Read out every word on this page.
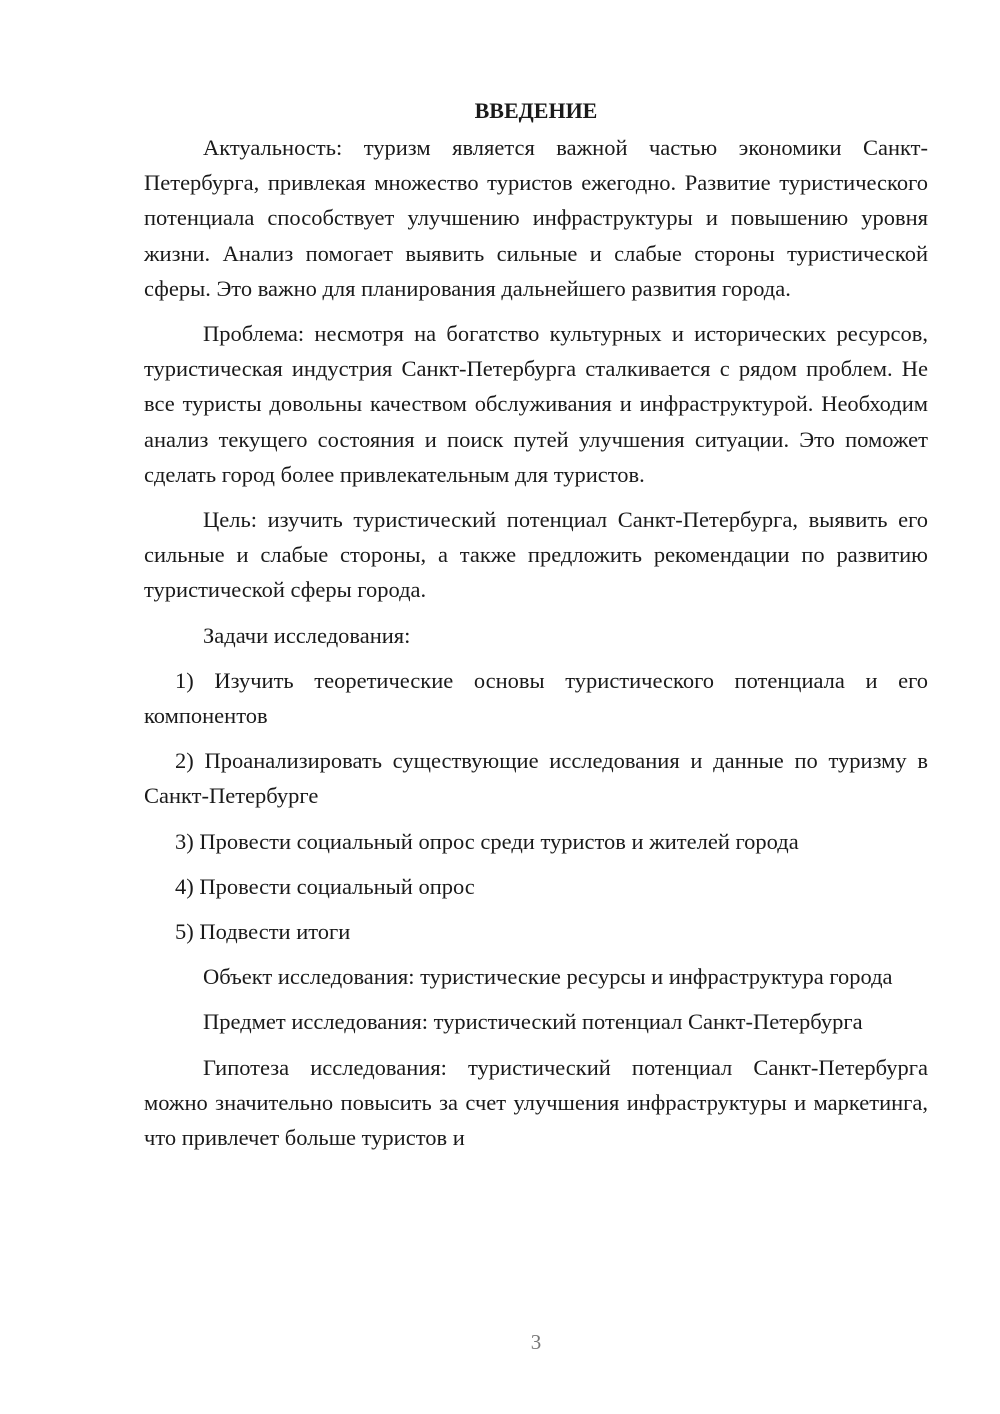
ВВЕДЕНИЕ

Актуальность: туризм является важной частью экономики Санкт-Петербурга, привлекая множество туристов ежегодно. Развитие туристического потенциала способствует улучшению инфраструктуры и повышению уровня жизни. Анализ помогает выявить сильные и слабые стороны туристической сферы. Это важно для планирования дальнейшего развития города.

Проблема: несмотря на богатство культурных и исторических ресурсов, туристическая индустрия Санкт-Петербурга сталкивается с рядом проблем. Не все туристы довольны качеством обслуживания и инфраструктурой. Необходим анализ текущего состояния и поиск путей улучшения ситуации. Это поможет сделать город более привлекательным для туристов.

Цель: изучить туристический потенциал Санкт-Петербурга, выявить его сильные и слабые стороны, а также предложить рекомендации по развитию туристической сферы города.

Задачи исследования:

1) Изучить теоретические основы туристического потенциала и его компонентов

2) Проанализировать существующие исследования и данные по туризму в Санкт-Петербурге

3) Провести социальный опрос среди туристов и жителей города

4) Провести социальный опрос

5) Подвести итоги

Объект исследования: туристические ресурсы и инфраструктура города

Предмет исследования: туристический потенциал Санкт-Петербурга

Гипотеза исследования: туристический потенциал Санкт-Петербурга можно значительно повысить за счет улучшения инфраструктуры и маркетинга, что привлечет больше туристов и

3
